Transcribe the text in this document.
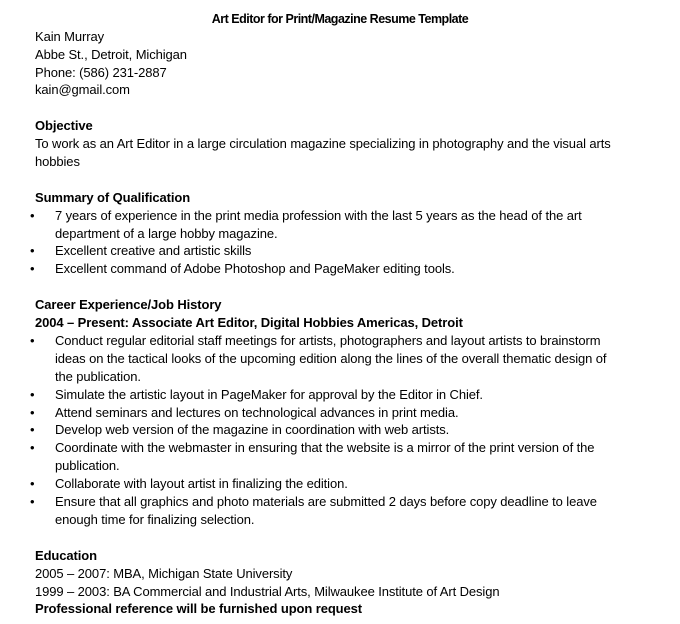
Art Editor for Print/Magazine Resume Template
Kain Murray
Abbe St., Detroit, Michigan
Phone: (586) 231-2887
kain@gmail.com
Objective
To work as an Art Editor in a large circulation magazine specializing in photography and the visual arts
hobbies
Summary of Qualification
• 7 years of experience in the print media profession with the last 5 years as the head of the art
department of a large hobby magazine.
• Excellent creative and artistic skills
• Excellent command of Adobe Photoshop and PageMaker editing tools.
Career Experience/Job History
2004 – Present: Associate Art Editor, Digital Hobbies Americas, Detroit
• Conduct regular editorial staff meetings for artists, photographers and layout artists to brainstorm
ideas on the tactical looks of the upcoming edition along the lines of the overall thematic design of
the publication.
• Simulate the artistic layout in PageMaker for approval by the Editor in Chief.
• Attend seminars and lectures on technological advances in print media.
• Develop web version of the magazine in coordination with web artists.
• Coordinate with the webmaster in ensuring that the website is a mirror of the print version of the
publication.
• Collaborate with layout artist in finalizing the edition.
• Ensure that all graphics and photo materials are submitted 2 days before copy deadline to leave
enough time for finalizing selection.
Education
2005 – 2007: MBA, Michigan State University
1999 – 2003: BA Commercial and Industrial Arts, Milwaukee Institute of Art Design
Professional reference will be furnished upon request
